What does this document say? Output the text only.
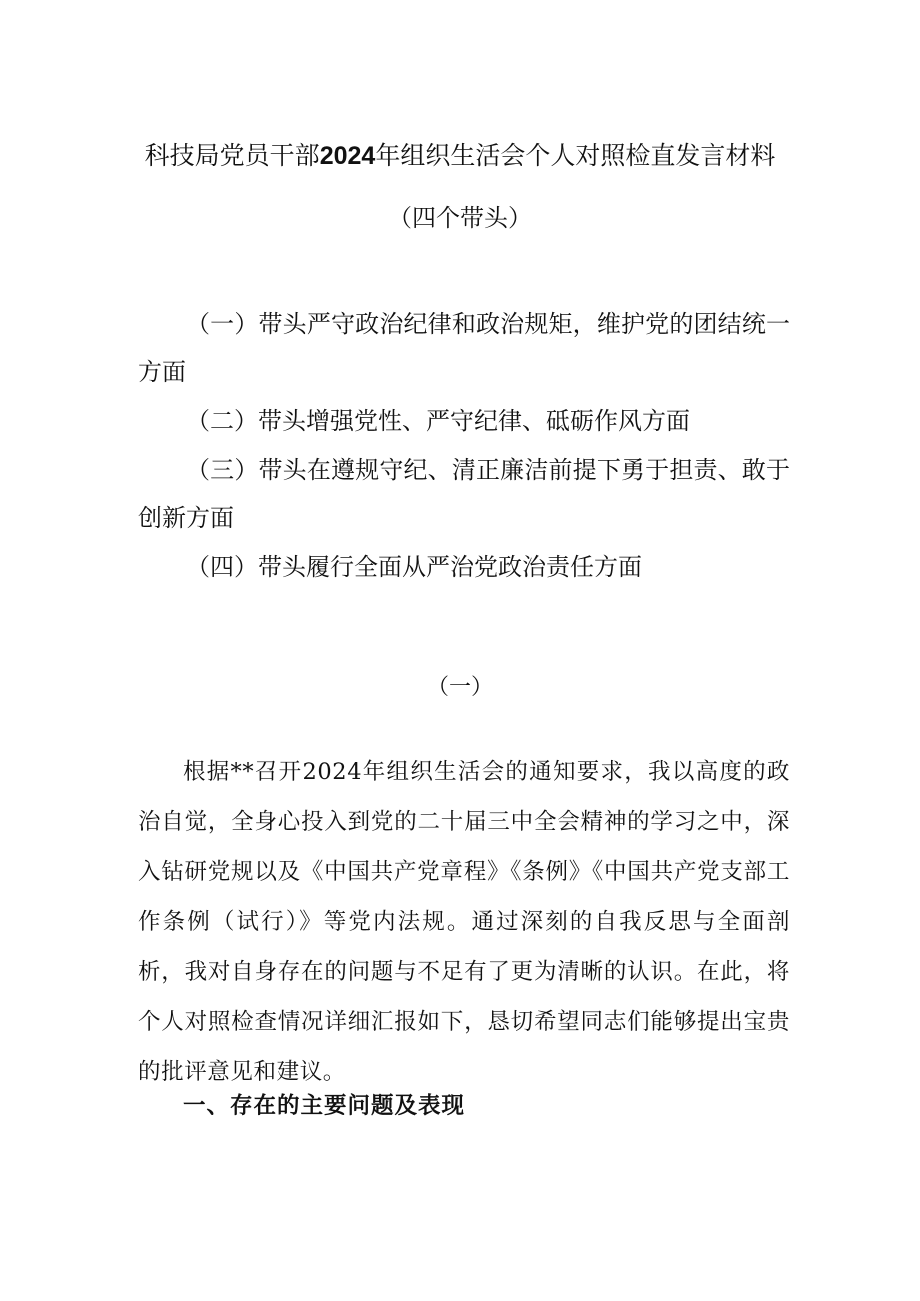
科技局党员干部2024年组织生活会个人对照检直发言材料
（四个带头）
（一）带头严守政治纪律和政治规矩，维护党的团结统一方面
（二）带头增强党性、严守纪律、砥砺作风方面
（三）带头在遵规守纪、清正廉洁前提下勇于担责、敢于创新方面
（四）带头履行全面从严治党政治责任方面
（一）

根据**召开2024年组织生活会的通知要求，我以高度的政治自觉，全身心投入到党的二十届三中全会精神的学习之中，深入钻研党规以及《中国共产党章程》《条例》《中国共产党支部工作条例（试行）》等党内法规。通过深刻的自我反思与全面剖析，我对自身存在的问题与不足有了更为清晰的认识。在此，将个人对照检查情况详细汇报如下，恳切希望同志们能够提出宝贵的批评意见和建议。

一、存在的主要问题及表现
